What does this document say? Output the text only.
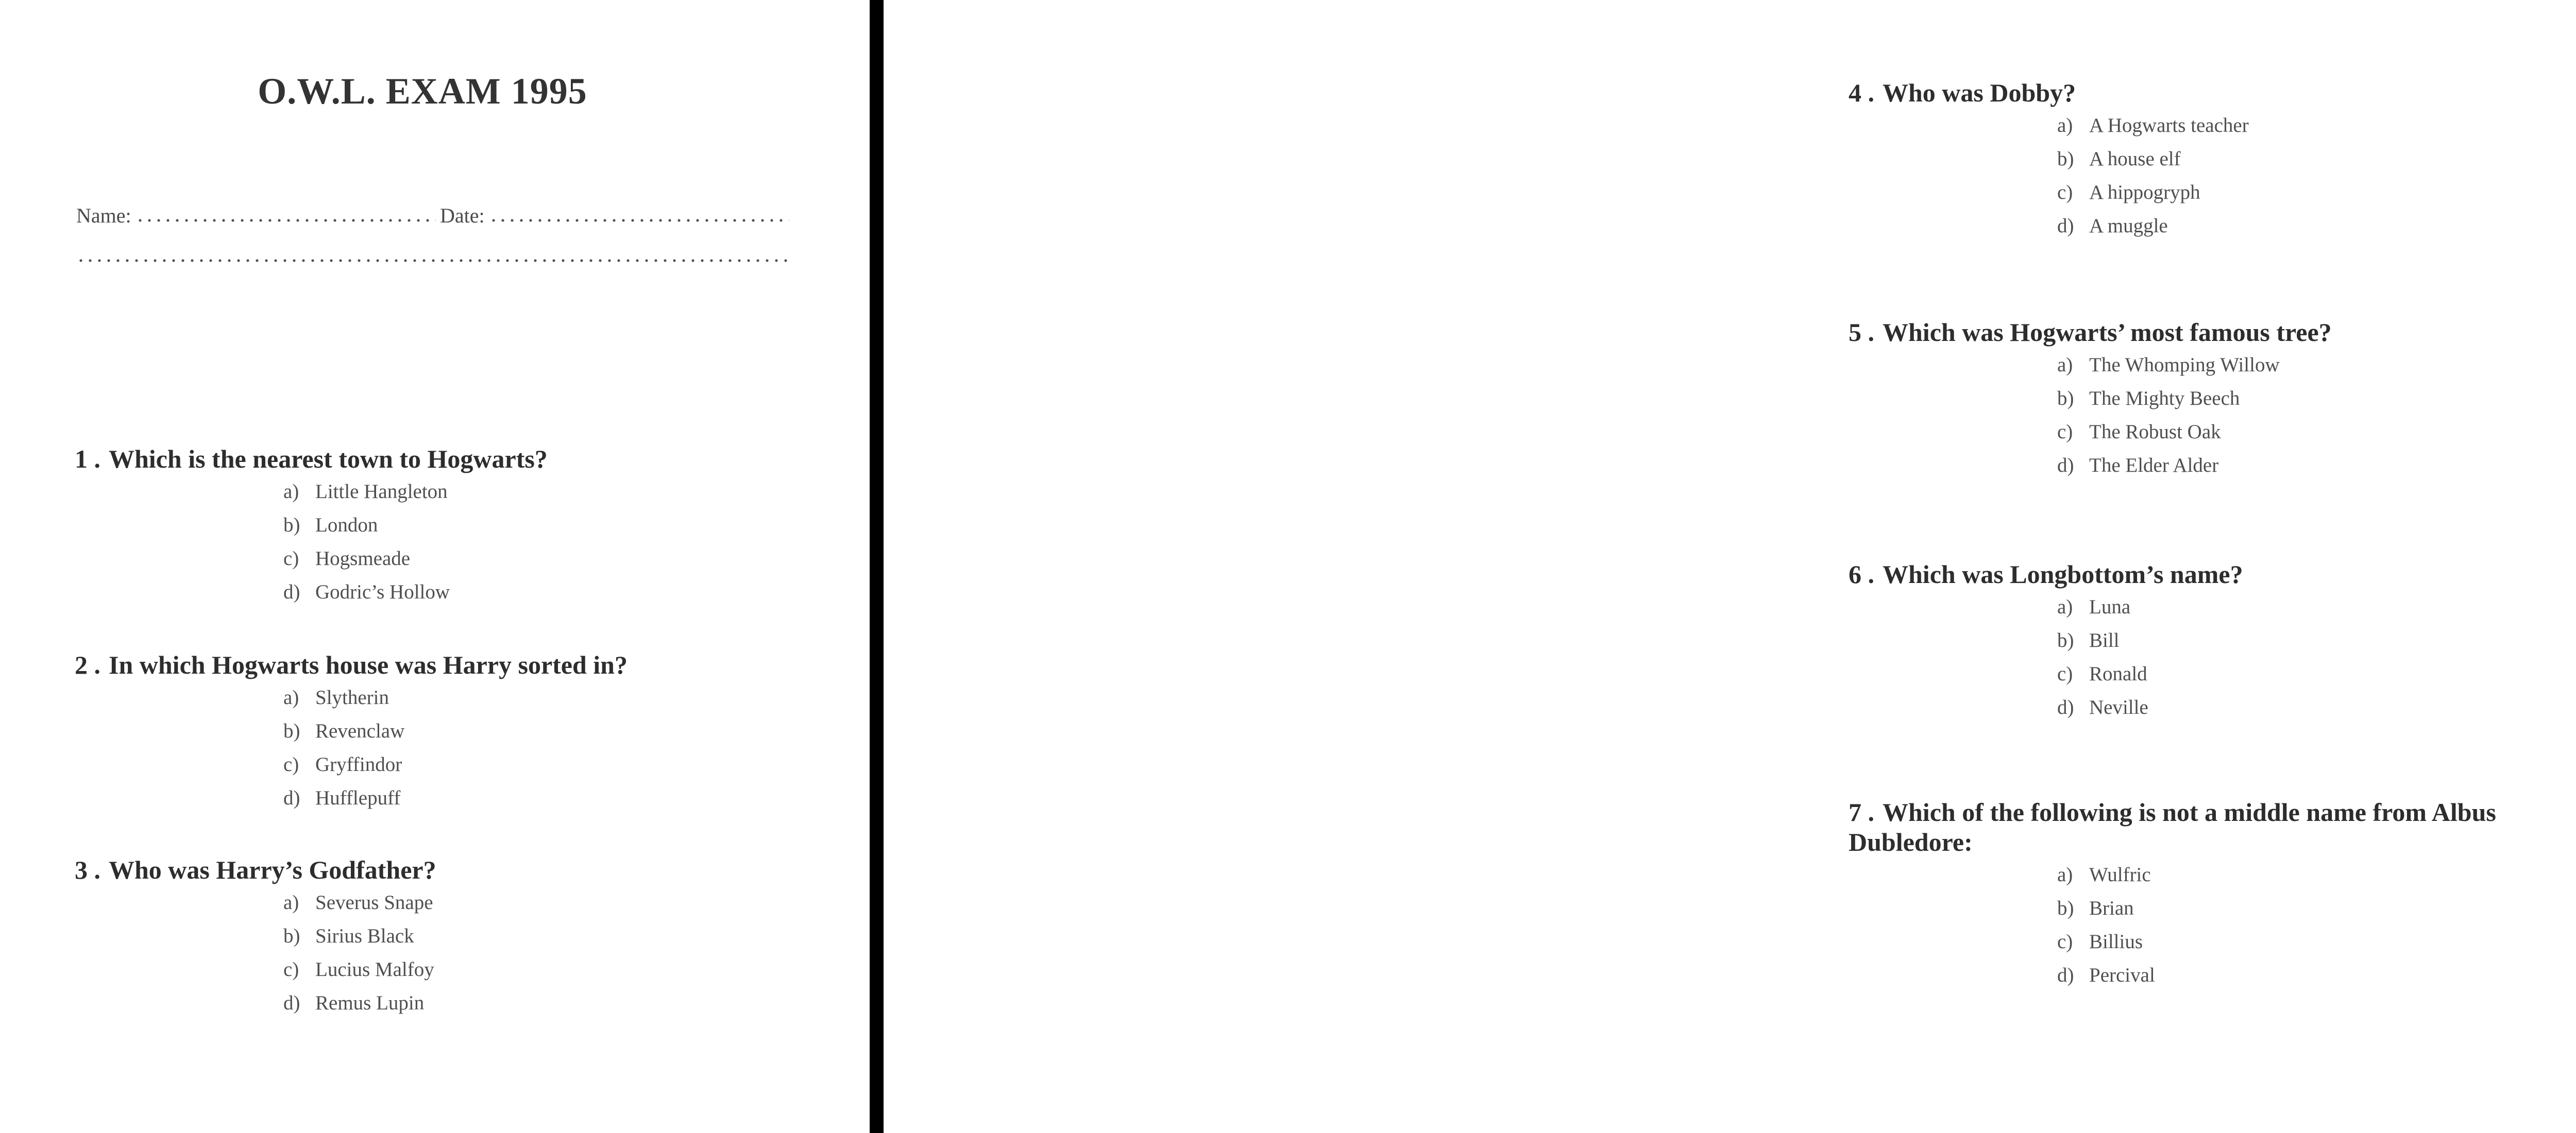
O.W.L. EXAM 1995
Name:	Date:
1 . Which is the nearest town to Hogwarts?
a) Little Hangleton
b) London
c) Hogsmeade
d) Godric’s Hollow
2 . In which Hogwarts house was Harry sorted in?
a) Slytherin
b) Revenclaw
c) Gryffindor
d) Hufflepuff
3 . Who was Harry’s Godfather?
a) Severus Snape
b) Sirius Black
c) Lucius Malfoy
d) Remus Lupin
4 . Who was Dobby?
a) A Hogwarts teacher
b) A house elf
c) A hippogryph
d) A muggle
5 . Which was Hogwarts’ most famous tree?
a) The Whomping Willow
b) The Mighty Beech
c) The Robust Oak
d) The Elder Alder
6 . Which was Longbottom’s name?
a) Luna
b) Bill
c) Ronald
d) Neville
7 . Which of the following is not a middle name from Albus Dubledore:
a) Wulfric
b) Brian
c) Billius
d) Percival
